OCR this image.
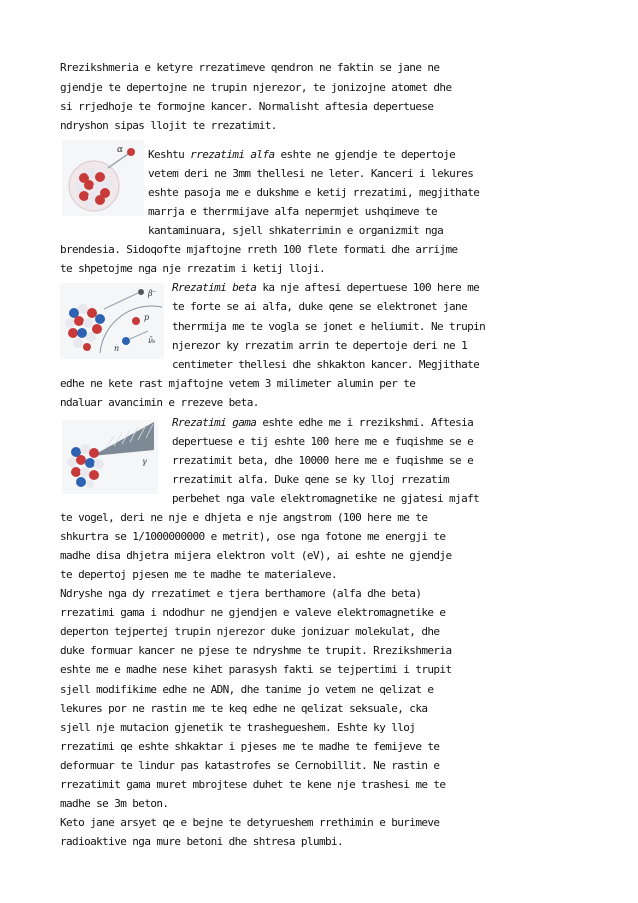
Rrezikshmeria e ketyre rrezatimeve qendron ne faktin se jane ne
gjendje te depertojne ne trupin njerezor, te jonizojne atomet dhe
si rrjedhoje te formojne kancer. Normalisht aftesia depertuese
ndryshon sipas llojit te rrezatimit.
α Keshtu rrezatimi alfa eshte ne gjendje te depertoje
vetem deri ne 3mm thellesi ne leter. Kanceri i lekures
eshte pasoja me e dukshme e ketij rrezatimi, megjithate
marrja e therrmijave alfa nepermjet ushqimeve te
kantaminuara, sjell shkaterrimin e organizmit nga
brendesia. Sidoqofte mjaftojne rreth 100 flete formati dhe arrijme
te shpetojme nga nje rrezatim i ketij lloji.
β⁻
p
n
ν̄ₑ
Rrezatimi beta ka nje aftesi depertuese 100 here me
te forte se ai alfa, duke qene se elektronet jane
therrmija me te vogla se jonet e heliumit. Ne trupin
njerezor ky rrezatim arrin te depertoje deri ne 1
centimeter thellesi dhe shkakton kancer. Megjithate
edhe ne kete rast mjaftojne vetem 3 milimeter alumin per te
ndaluar avancimin e rrezeve beta.
γ
Rrezatimi gama eshte edhe me i rrezikshmi. Aftesia
depertuese e tij eshte 100 here me e fuqishme se e
rrezatimit beta, dhe 10000 here me e fuqishme se e
rrezatimit alfa. Duke qene se ky lloj rrezatim
perbehet nga vale elektromagnetike ne gjatesi mjaft
te vogel, deri ne nje e dhjeta e nje angstrom (100 here me te
shkurtra se 1/1000000000 e metrit), ose nga fotone me energji te
madhe disa dhjetra mijera elektron volt (eV), ai eshte ne gjendje
te depertoj pjesen me te madhe te materialeve.
Ndryshe nga dy rrezatimet e tjera berthamore (alfa dhe beta)
rrezatimi gama i ndodhur ne gjendjen e valeve elektromagnetike e
deperton tejpertej trupin njerezor duke jonizuar molekulat, dhe
duke formuar kancer ne pjese te ndryshme te trupit. Rrezikshmeria
eshte me e madhe nese kihet parasysh fakti se tejpertimi i trupit
sjell modifikime edhe ne ADN, dhe tanime jo vetem ne qelizat e
lekures por ne rastin me te keq edhe ne qelizat seksuale, cka
sjell nje mutacion gjenetik te trashegueshem. Eshte ky lloj
rrezatimi qe eshte shkaktar i pjeses me te madhe te femijeve te
deformuar te lindur pas katastrofes se Cernobillit. Ne rastin e
rrezatimit gama muret mbrojtese duhet te kene nje trashesi me te
madhe se 3m beton.
Keto jane arsyet qe e bejne te detyrueshem rrethimin e burimeve
radioaktive nga mure betoni dhe shtresa plumbi.
